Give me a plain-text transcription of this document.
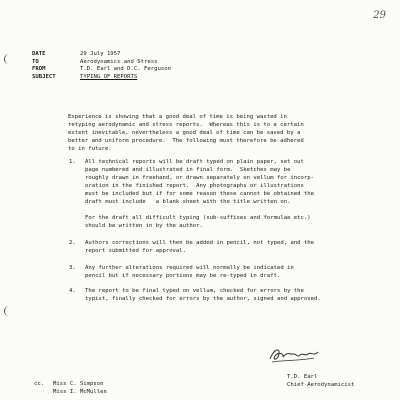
29
DATE	29 July 1957
TO	Aerodynamics and Stress
FROM	T.D. Earl and D.C. Ferguson
SUBJECT	TYPING OF REPORTS
Experience is showing that a good deal of time is being wasted in
retyping aerodynamic and stress reports.  Whereas this is to a certain
extent inevitable, nevertheless a good deal of time can be saved by a
better and uniform procedure.  The following must therefore be adhered
to in future.
1.	All technical reports will be draft typed on plain paper, set out
page numbered and illustrated in final form.  Sketches may be
roughly drawn in freehand, or drawn separately on vellum for incorp-
oration in the finished report.  Any photographs or illustrations
must be included but if for some reason these cannot be obtained the
draft must include   a blank sheet with the title written on.
For the draft all difficult typing (sub-suffixes and formulae etc.)
should be written in by the author.
2.	Authors corrections will then be added in pencil, not typed, and the
report submitted for approval.
3.	Any further alterations required will normally be indicated in
pencil but if necessary portions may be re-typed in draft.
4.	The report to be final typed on vellum, checked for errors by the
typist, finally checked for errors by the author, signed and approved.
T.D. Earl
Chief Aerodynamicist
cc.	Miss C. Simpson
Miss I. McMullen
